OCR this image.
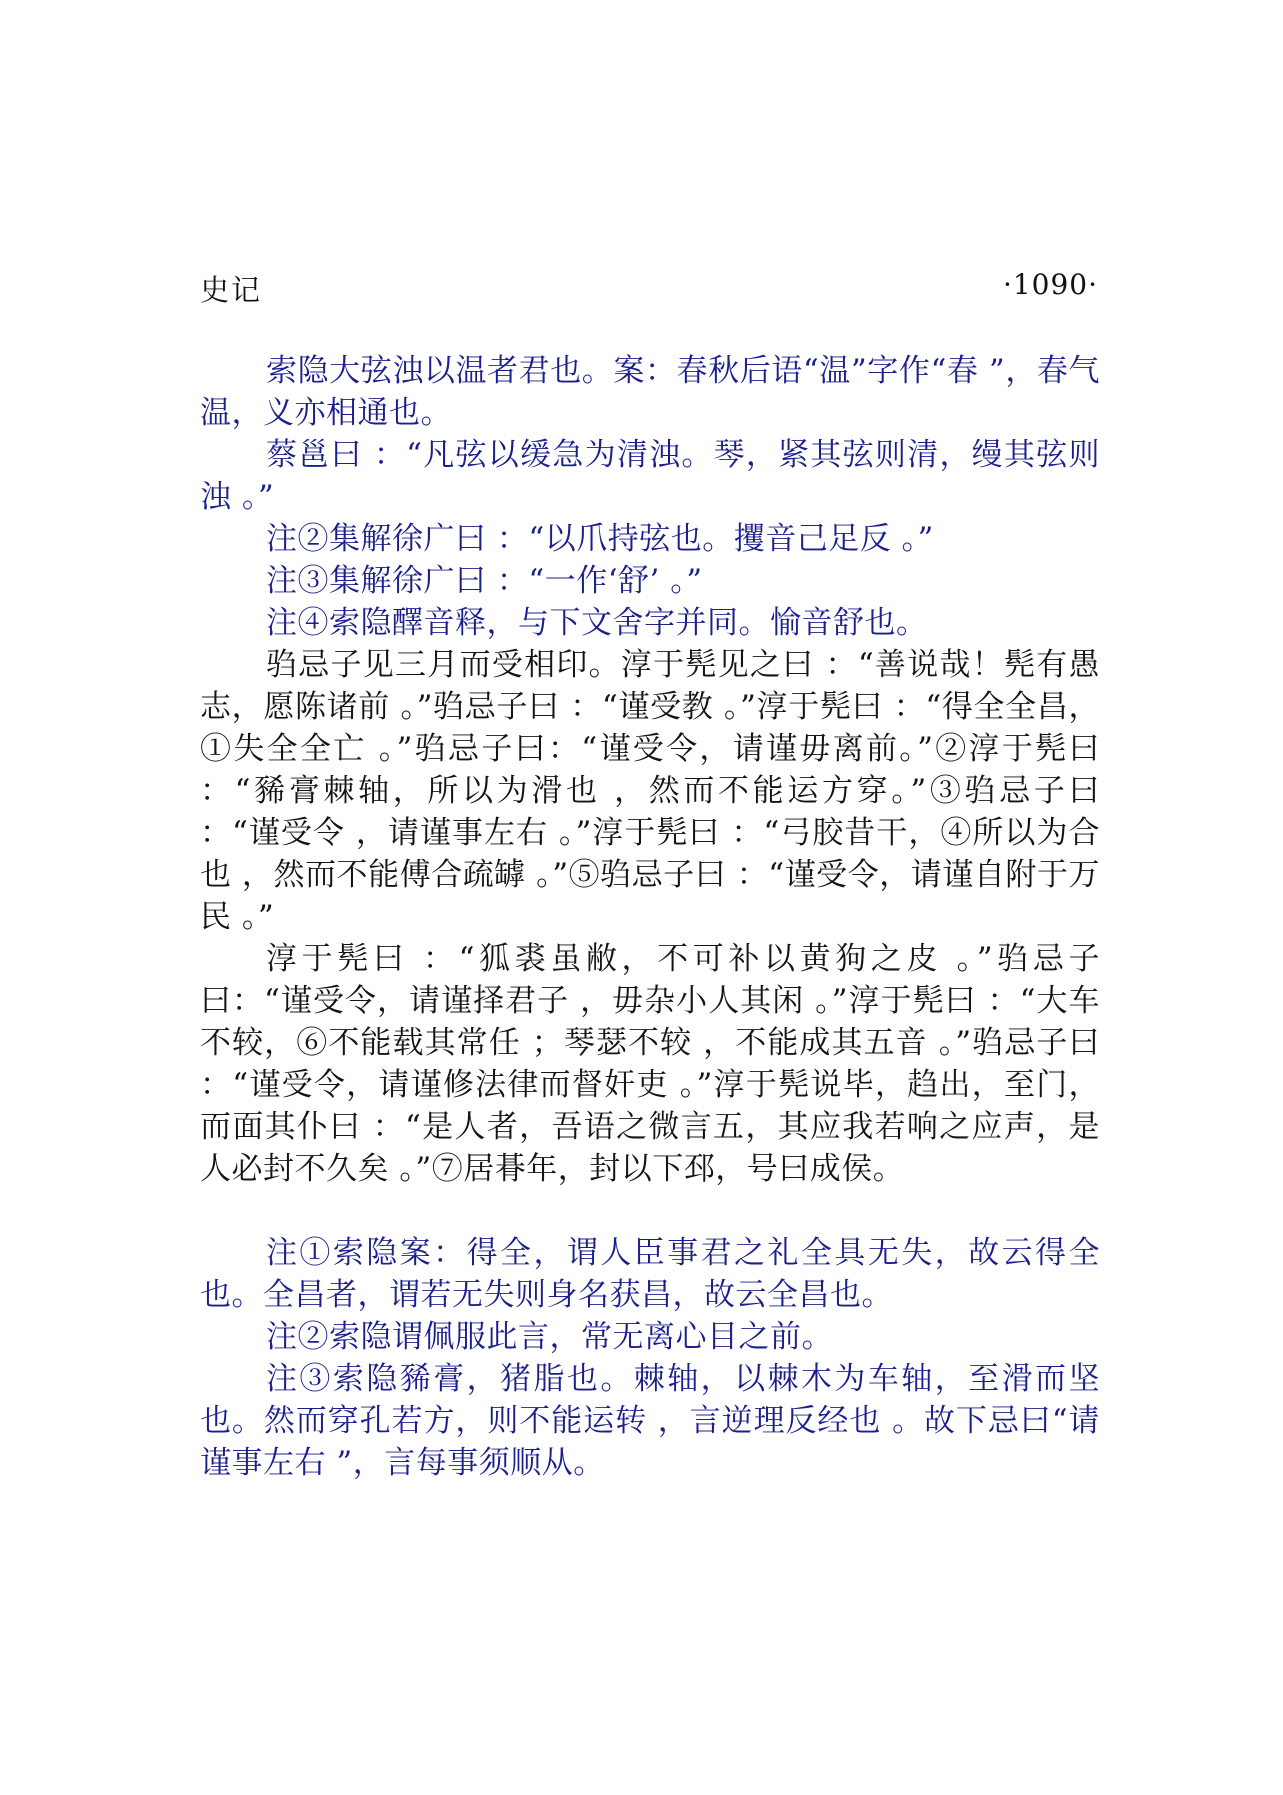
史记	·1090·

索隐大弦浊以温者君也。案：春秋后语“温”字作“春 ”，春气温，义亦相通也。

蔡邕曰 ：“凡弦以缓急为清浊。琴，紧其弦则清，缦其弦则浊 。”

注②集解徐广曰 ：“以爪持弦也。攫音己足反 。”

注③集解徐广曰 ：“一作‘舒’ 。”

注④索隐醳音释，与下文舍字并同。愉音舒也。

驺忌子见三月而受相印。淳于髡见之曰 ：“善说哉！髡有愚志，愿陈诸前 。”驺忌子曰 ：“谨受教 。”淳于髡曰 ：“得全全昌，①失全全亡 。”驺忌子曰：“谨受令，请谨毋离前。”②淳于髡曰 ：“豨膏棘轴，所以为滑也 ，然而不能运方穿。”③驺忌子曰 ：“谨受令 ，请谨事左右 。”淳于髡曰 ：“弓胶昔干，④所以为合也 ，然而不能傅合疏罅 。”⑤驺忌子曰 ：“谨受令，请谨自附于万民 。”

淳于髡曰 ：“狐裘虽敝，不可补以黄狗之皮 。”驺忌子曰：“谨受令，请谨择君子 ，毋杂小人其闲 。”淳于髡曰 ：“大车不较，⑥不能载其常任 ；琴瑟不较 ，不能成其五音 。”驺忌子曰 ：“谨受令，请谨修法律而督奸吏 。”淳于髡说毕，趋出，至门，而面其仆曰 ：“是人者，吾语之微言五，其应我若响之应声，是人必封不久矣 。”⑦居朞年，封以下邳，号曰成侯。

注①索隐案：得全，谓人臣事君之礼全具无失，故云得全也。全昌者，谓若无失则身名获昌，故云全昌也。

注②索隐谓佩服此言，常无离心目之前。

注③索隐豨膏，猪脂也。棘轴，以棘木为车轴，至滑而坚也。然而穿孔若方，则不能运转 ，言逆理反经也 。故下忌曰“请谨事左右 ”，言每事须顺从。
